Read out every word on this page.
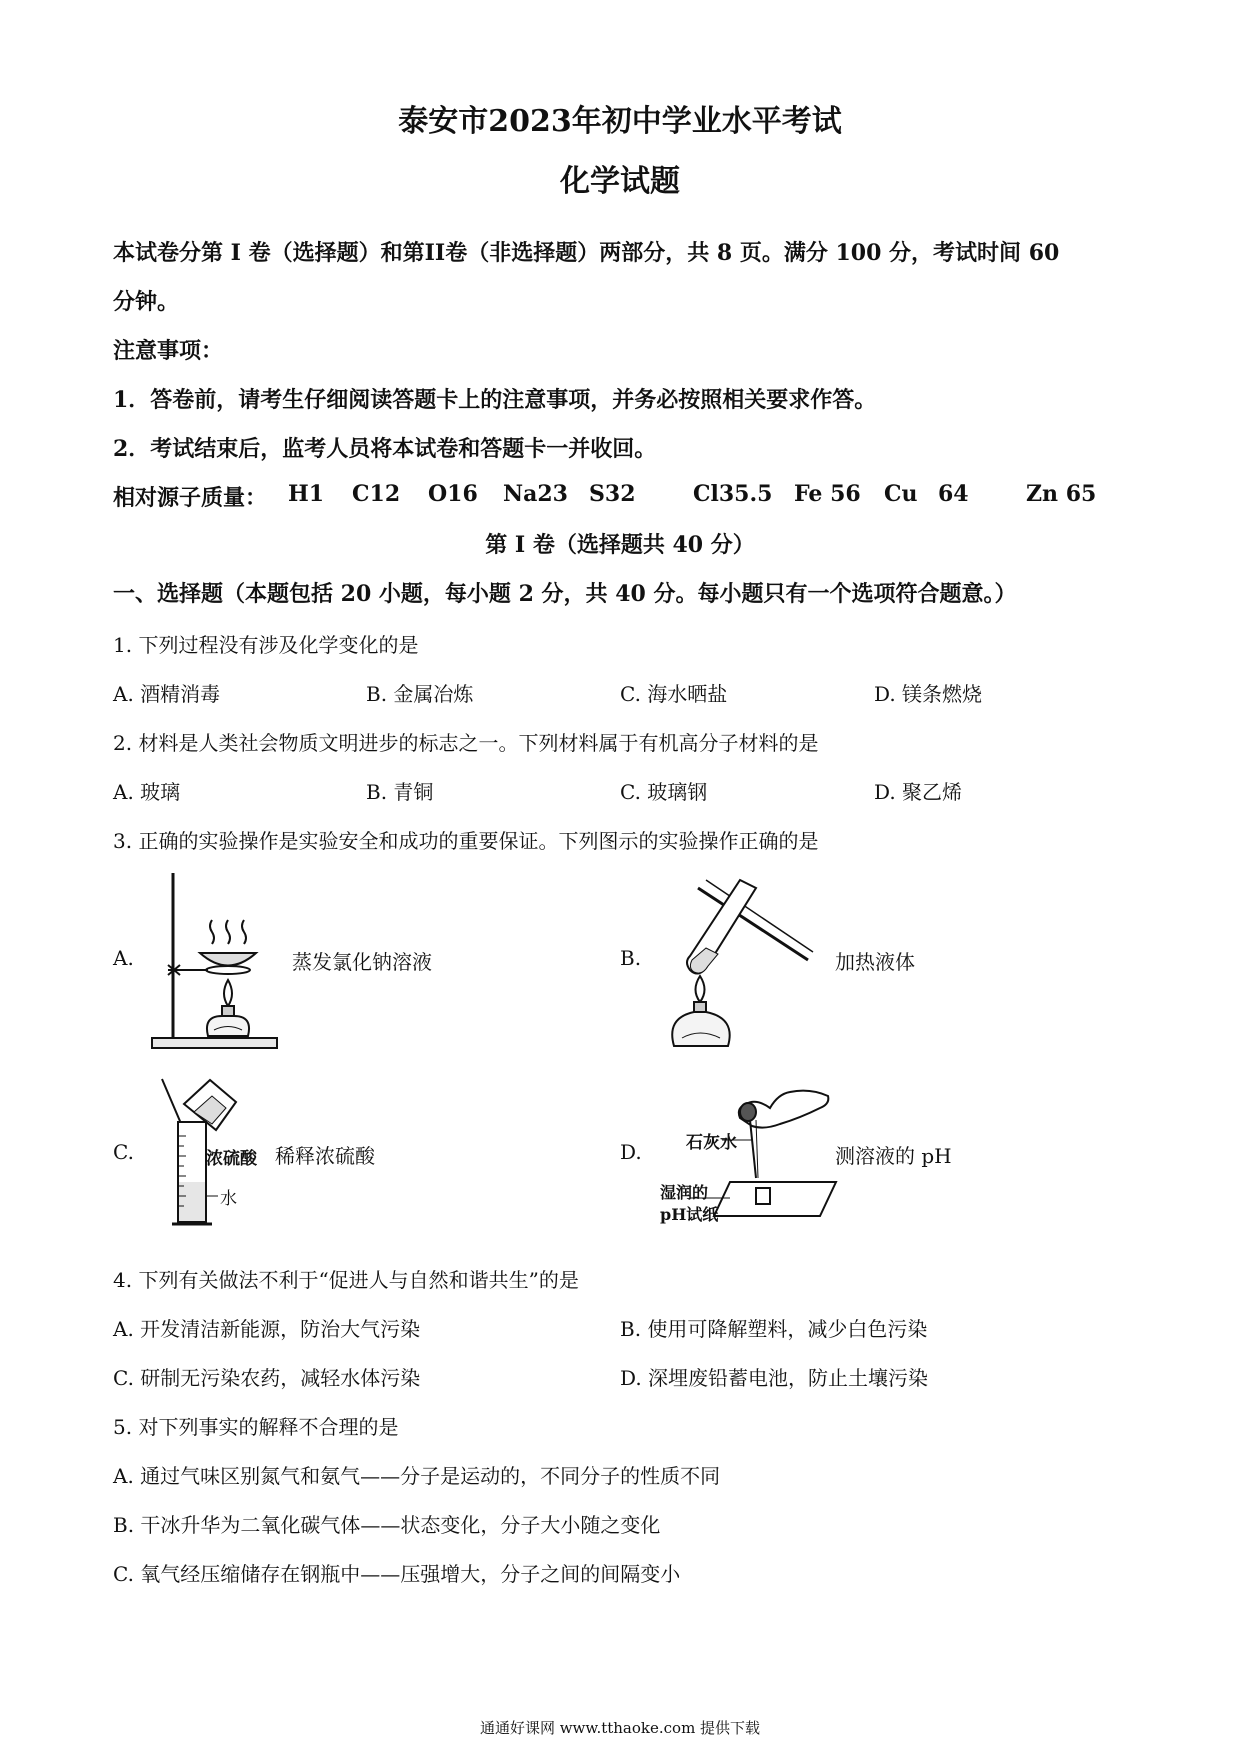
泰安市2023年初中学业水平考试
化学试题
本试卷分第 I 卷（选择题）和第II卷（非选择题）两部分，共 8 页。满分 100 分，考试时间 60
分钟。
注意事项：
1．答卷前，请考生仔细阅读答题卡上的注意事项，并务必按照相关要求作答。
2．考试结束后，监考人员将本试卷和答题卡一并收回。
相对源子质量： H1 C12 O16 Na23 S32	Cl35.5 Fe 56 Cu 64	Zn 65
第 I 卷（选择题共 40 分）
一、选择题（本题包括 20 小题，每小题 2 分，共 40 分。每小题只有一个选项符合题意。）
1. 下列过程没有涉及化学变化的是
A. 酒精消毒	B. 金属冶炼	C. 海水晒盐	D. 镁条燃烧
2. 材料是人类社会物质文明进步的标志之一。下列材料属于有机高分子材料的是
A. 玻璃	B. 青铜	C. 玻璃钢	D. 聚乙烯
3. 正确的实验操作是实验安全和成功的重要保证。下列图示的实验操作正确的是
A.	蒸发氯化钠溶液	B.	加热液体
C.	浓硫酸
水
稀释浓硫酸	D.	石灰水
湿润的
pH试纸
测溶液的 pH
4. 下列有关做法不利于“促进人与自然和谐共生”的是
A. 开发清洁新能源，防治大气污染	B. 使用可降解塑料，减少白色污染
C. 研制无污染农药，减轻水体污染	D. 深埋废铅蓄电池，防止土壤污染
5. 对下列事实的解释不合理的是
A. 通过气味区别氮气和氨气——分子是运动的，不同分子的性质不同
B. 干冰升华为二氧化碳气体——状态变化，分子大小随之变化
C. 氧气经压缩储存在钢瓶中——压强增大，分子之间的间隔变小
通通好课网 www.tthaoke.com 提供下载
